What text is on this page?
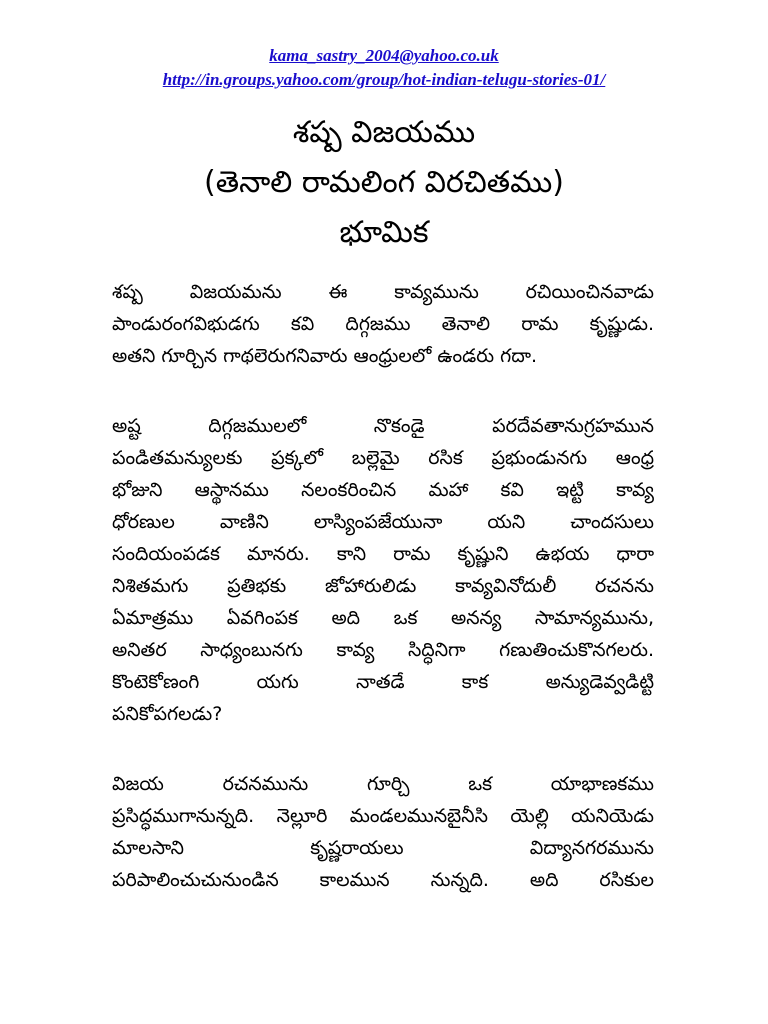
kama_sastry_2004@yahoo.co.uk
http://in.groups.yahoo.com/group/hot-indian-telugu-stories-01/
శష్ప విజయము
(తెనాలి రామలింగ విరచితము)
భూమిక
శష్ప విజయమను ఈ కావ్యమును రచియించినవాడు
పాండురంగవిభుడగు కవి దిగ్గజము తెనాలి రామ కృష్ణుడు.
అతని గూర్చిన గాథలెరుగనివారు ఆంధ్రులలో ఉండరు గదా.
అష్ట దిగ్గజములలో నొకండై పరదేవతానుగ్రహమున
పండితమన్యులకు ప్రక్కలో బల్లెమై రసిక ప్రభుండునగు ఆంధ్ర
భోజుని ఆస్థానము నలంకరించిన మహా కవి ఇట్టి కావ్య
ధోరణుల వాణిని లాస్యింపజేయునా యని చాందసులు
సందియంపడక మానరు. కాని రామ కృష్ణుని ఉభయ ధారా
నిశితమగు ప్రతిభకు జోహారులిడు కావ్యవినోదులీ రచనను
ఏమాత్రము ఏవగింపక అది ఒక అనన్య సామాన్యమును,
అనితర సాధ్యంబునగు కావ్య సిద్ధినిగా గణుతించుకొనగలరు.
కొంటెకోణంగి యగు నాతడే కాక అన్యుడెవ్వడిట్టి
పనికోపగలడు?
విజయ రచనమును గూర్చి ఒక యాభాణకము
ప్రసిద్ధముగానున్నది. నెల్లూరి మండలమునబైనీసి యెల్లి యనియెడు
మాలసాని కృష్ణరాయలు విద్యానగరమును
పరిపాలించుచునుండిన కాలమున నున్నది. అది రసికుల
